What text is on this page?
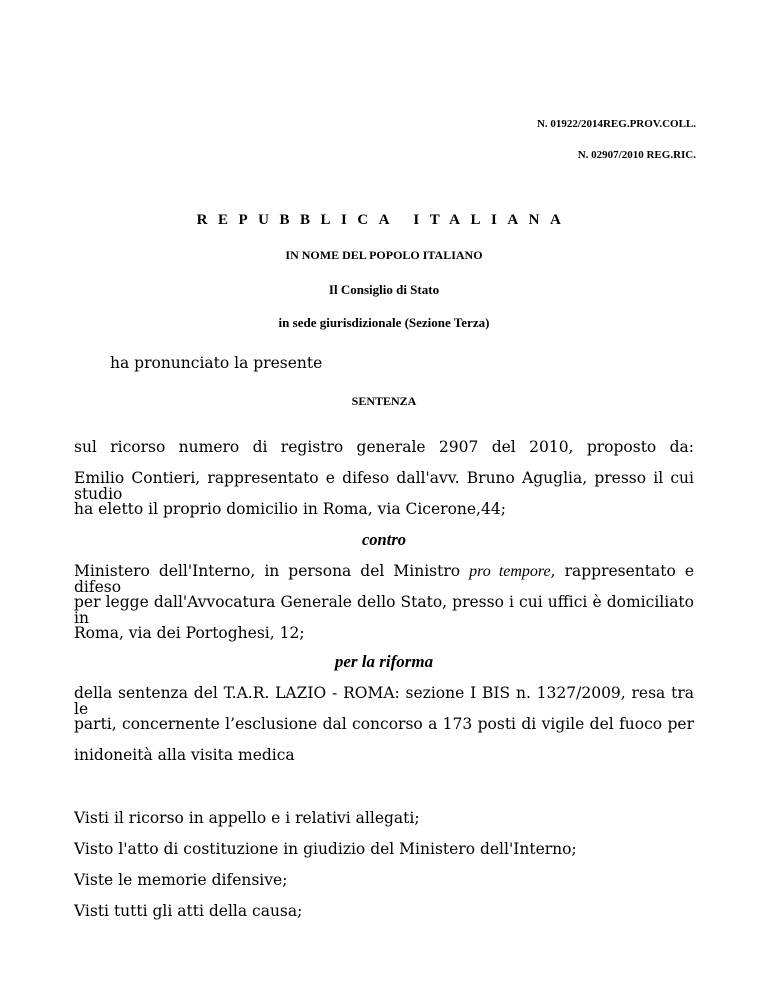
N. 01922/2014REG.PROV.COLL.
N. 02907/2010 REG.RIC.
REPUBBLICA ITALIANA
IN NOME DEL POPOLO ITALIANO
Il Consiglio di Stato
in sede giurisdizionale (Sezione Terza)
ha pronunciato la presente
SENTENZA
sul ricorso numero di registro generale 2907 del 2010, proposto da:
Emilio Contieri, rappresentato e difeso dall'avv. Bruno Aguglia, presso il cui studio
ha eletto il proprio domicilio in Roma, via Cicerone,44;
contro
Ministero dell'Interno, in persona del Ministro pro tempore, rappresentato e difeso
per legge dall'Avvocatura Generale dello Stato, presso i cui uffici è domiciliato in
Roma, via dei Portoghesi, 12;
per la riforma
della sentenza del T.A.R. LAZIO - ROMA: sezione I BIS n. 1327/2009, resa tra le
parti, concernente l’esclusione dal concorso a 173 posti di vigile del fuoco per
inidoneità alla visita medica
Visti il ricorso in appello e i relativi allegati;
Visto l'atto di costituzione in giudizio del Ministero dell'Interno;
Viste le memorie difensive;
Visti tutti gli atti della causa;
